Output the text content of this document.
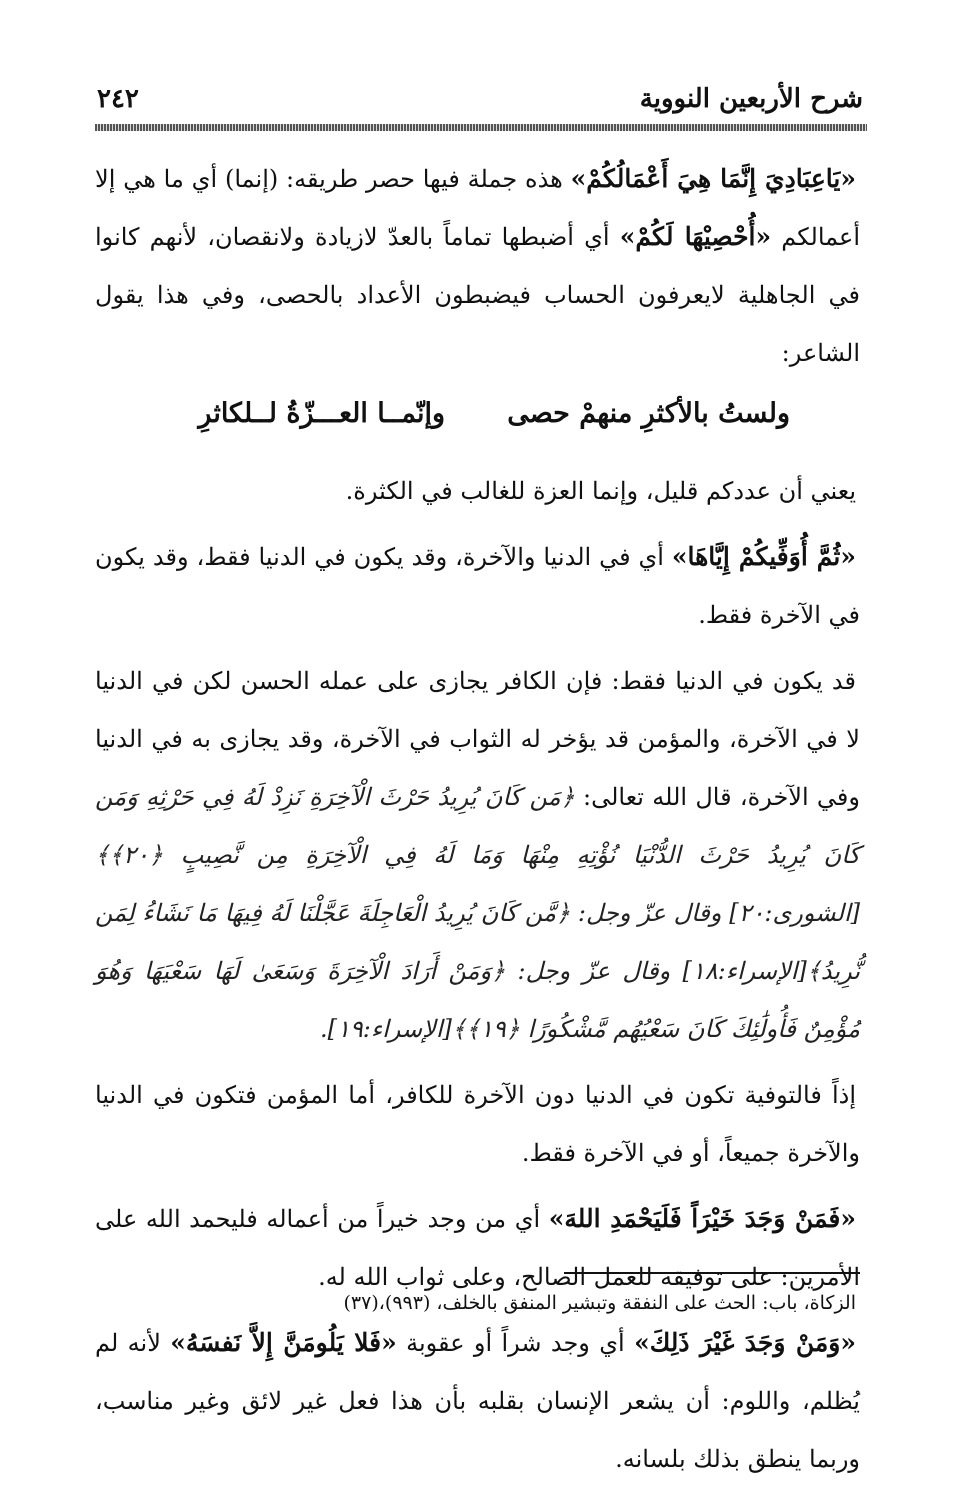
شرح الأربعين النووية
٢٤٢

«يَاعِبَادِيَ إِنَّمَا هِيَ أَعْمَالُكُمْ» هذه جملة فيها حصر طريقه: (إنما) أي ما هي إلا أعمالكم «أُحْصِيْهَا لَكُمْ» أي أضبطها تماماً بالعدّ لازيادة ولانقصان، لأنهم كانوا في الجاهلية لايعرفون الحساب فيضبطون الأعداد بالحصى، وفي هذا يقول الشاعر:

ولستُ بالأكثرِ منهمْ حصى
وإنّمــا العـــزّةُ لــلكاثرِ

يعني أن عددكم قليل، وإنما العزة للغالب في الكثرة.

«ثُمَّ أُوَفِّيكُمْ إِيَّاهَا» أي في الدنيا والآخرة، وقد يكون في الدنيا فقط، وقد يكون في الآخرة فقط.

قد يكون في الدنيا فقط: فإن الكافر يجازى على عمله الحسن لكن في الدنيا لا في الآخرة، والمؤمن قد يؤخر له الثواب في الآخرة، وقد يجازى به في الدنيا وفي الآخرة، قال الله تعالى: ﴿مَن كَانَ يُرِيدُ حَرْثَ الْآخِرَةِ نَزِدْ لَهُ فِي حَرْثِهِ وَمَن كَانَ يُرِيدُ حَرْثَ الدُّنْيَا نُؤْتِهِ مِنْهَا وَمَا لَهُ فِي الْآخِرَةِ مِن نَّصِيبٍ ﴿٢٠﴾﴾[الشورى:٢٠] وقال عزّ وجل: ﴿مَّن كَانَ يُرِيدُ الْعَاجِلَةَ عَجَّلْنَا لَهُ فِيهَا مَا نَشَاءُ لِمَن نُّرِيدُ﴾[الإسراء:١٨] وقال عزّ وجل: ﴿وَمَنْ أَرَادَ الْآخِرَةَ وَسَعَىٰ لَهَا سَعْيَهَا وَهُوَ مُؤْمِنٌ فَأُولَٰئِكَ كَانَ سَعْيُهُم مَّشْكُورًا ﴿١٩﴾﴾[الإسراء:١٩].

إذاً فالتوفية تكون في الدنيا دون الآخرة للكافر، أما المؤمن فتكون في الدنيا والآخرة جميعاً، أو في الآخرة فقط.

«فَمَنْ وَجَدَ خَيْرَاً فَلَيَحْمَدِ اللهَ» أي من وجد خيراً من أعماله فليحمد الله على الأمرين: على توفيقه للعمل الصالح، وعلى ثواب الله له.

«وَمَنْ وَجَدَ غَيْرَ ذَلِكَ» أي وجد شراً أو عقوبة «فَلا يَلُومَنَّ إِلاَّ نَفسَهُ» لأنه لم يُظلم، واللوم: أن يشعر الإنسان بقلبه بأن هذا فعل غير لائق وغير مناسب، وربما ينطق بذلك بلسانه.

الزكاة، باب: الحث على النفقة وتبشير المنفق بالخلف، (٩٩٣)،(٣٧)
